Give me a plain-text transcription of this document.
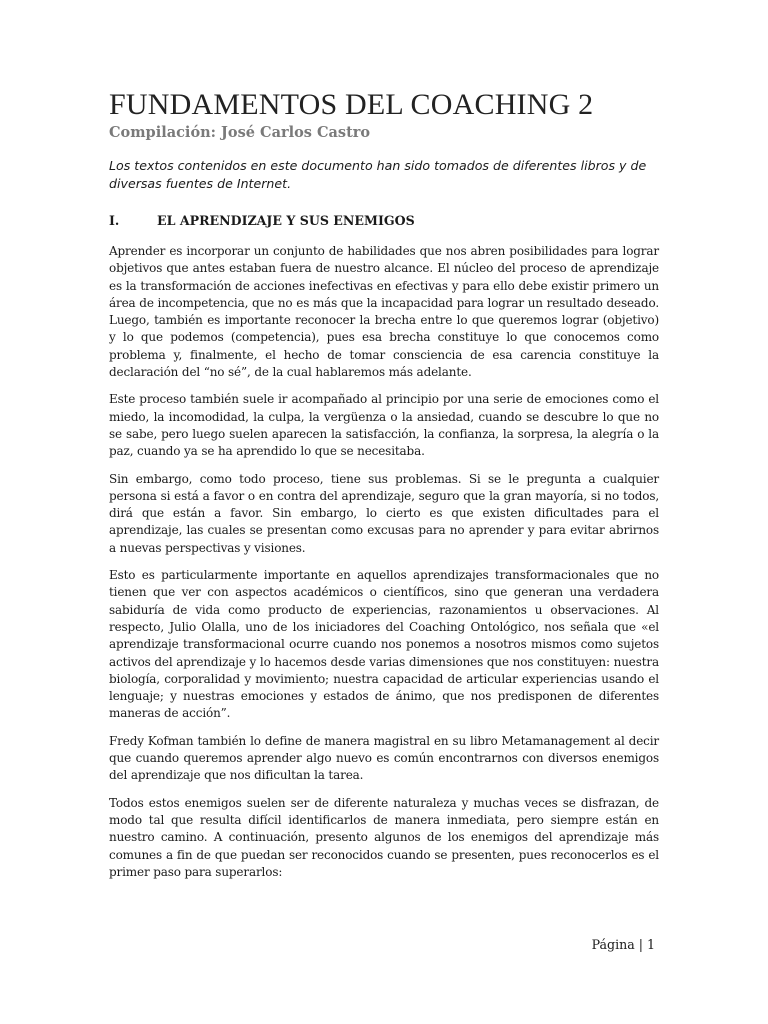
FUNDAMENTOS DEL COACHING 2
Compilación: José Carlos Castro

Los textos contenidos en este documento han sido tomados de diferentes libros y de diversas fuentes de Internet.

I.	EL APRENDIZAJE Y SUS ENEMIGOS

Aprender es incorporar un conjunto de habilidades que nos abren posibilidades para lograr objetivos que antes estaban fuera de nuestro alcance. El núcleo del proceso de aprendizaje es la transformación de acciones inefectivas en efectivas y para ello debe existir primero un área de incompetencia, que no es más que la incapacidad para lograr un resultado deseado. Luego, también es importante reconocer la brecha entre lo que queremos lograr (objetivo) y lo que podemos (competencia), pues esa brecha constituye lo que conocemos como problema y, finalmente, el hecho de tomar consciencia de esa carencia constituye la declaración del “no sé”, de la cual hablaremos más adelante.

Este proceso también suele ir acompañado al principio por una serie de emociones como el miedo, la incomodidad, la culpa, la vergüenza o la ansiedad, cuando se descubre lo que no se sabe, pero luego suelen aparecen la satisfacción, la confianza, la sorpresa, la alegría o la paz, cuando ya se ha aprendido lo que se necesitaba.

Sin embargo, como todo proceso, tiene sus problemas. Si se le pregunta a cualquier persona si está a favor o en contra del aprendizaje, seguro que la gran mayoría, si no todos, dirá que están a favor. Sin embargo, lo cierto es que existen dificultades para el aprendizaje, las cuales se presentan como excusas para no aprender y para evitar abrirnos a nuevas perspectivas y visiones.

Esto es particularmente importante en aquellos aprendizajes transformacionales que no tienen que ver con aspectos académicos o científicos, sino que generan una verdadera sabiduría de vida como producto de experiencias, razonamientos u observaciones. Al respecto, Julio Olalla, uno de los iniciadores del Coaching Ontológico, nos señala que «el aprendizaje transformacional ocurre cuando nos ponemos a nosotros mismos como sujetos activos del aprendizaje y lo hacemos desde varias dimensiones que nos constituyen: nuestra biología, corporalidad y movimiento; nuestra capacidad de articular experiencias usando el lenguaje; y nuestras emociones y estados de ánimo, que nos predisponen de diferentes maneras de acción”.

Fredy Kofman también lo define de manera magistral en su libro Metamanagement al decir que cuando queremos aprender algo nuevo es común encontrarnos con diversos enemigos del aprendizaje que nos dificultan la tarea.

Todos estos enemigos suelen ser de diferente naturaleza y muchas veces se disfrazan, de modo tal que resulta difícil identificarlos de manera inmediata, pero siempre están en nuestro camino. A continuación, presento algunos de los enemigos del aprendizaje más comunes a fin de que puedan ser reconocidos cuando se presenten, pues reconocerlos es el primer paso para superarlos:

Página | 1
